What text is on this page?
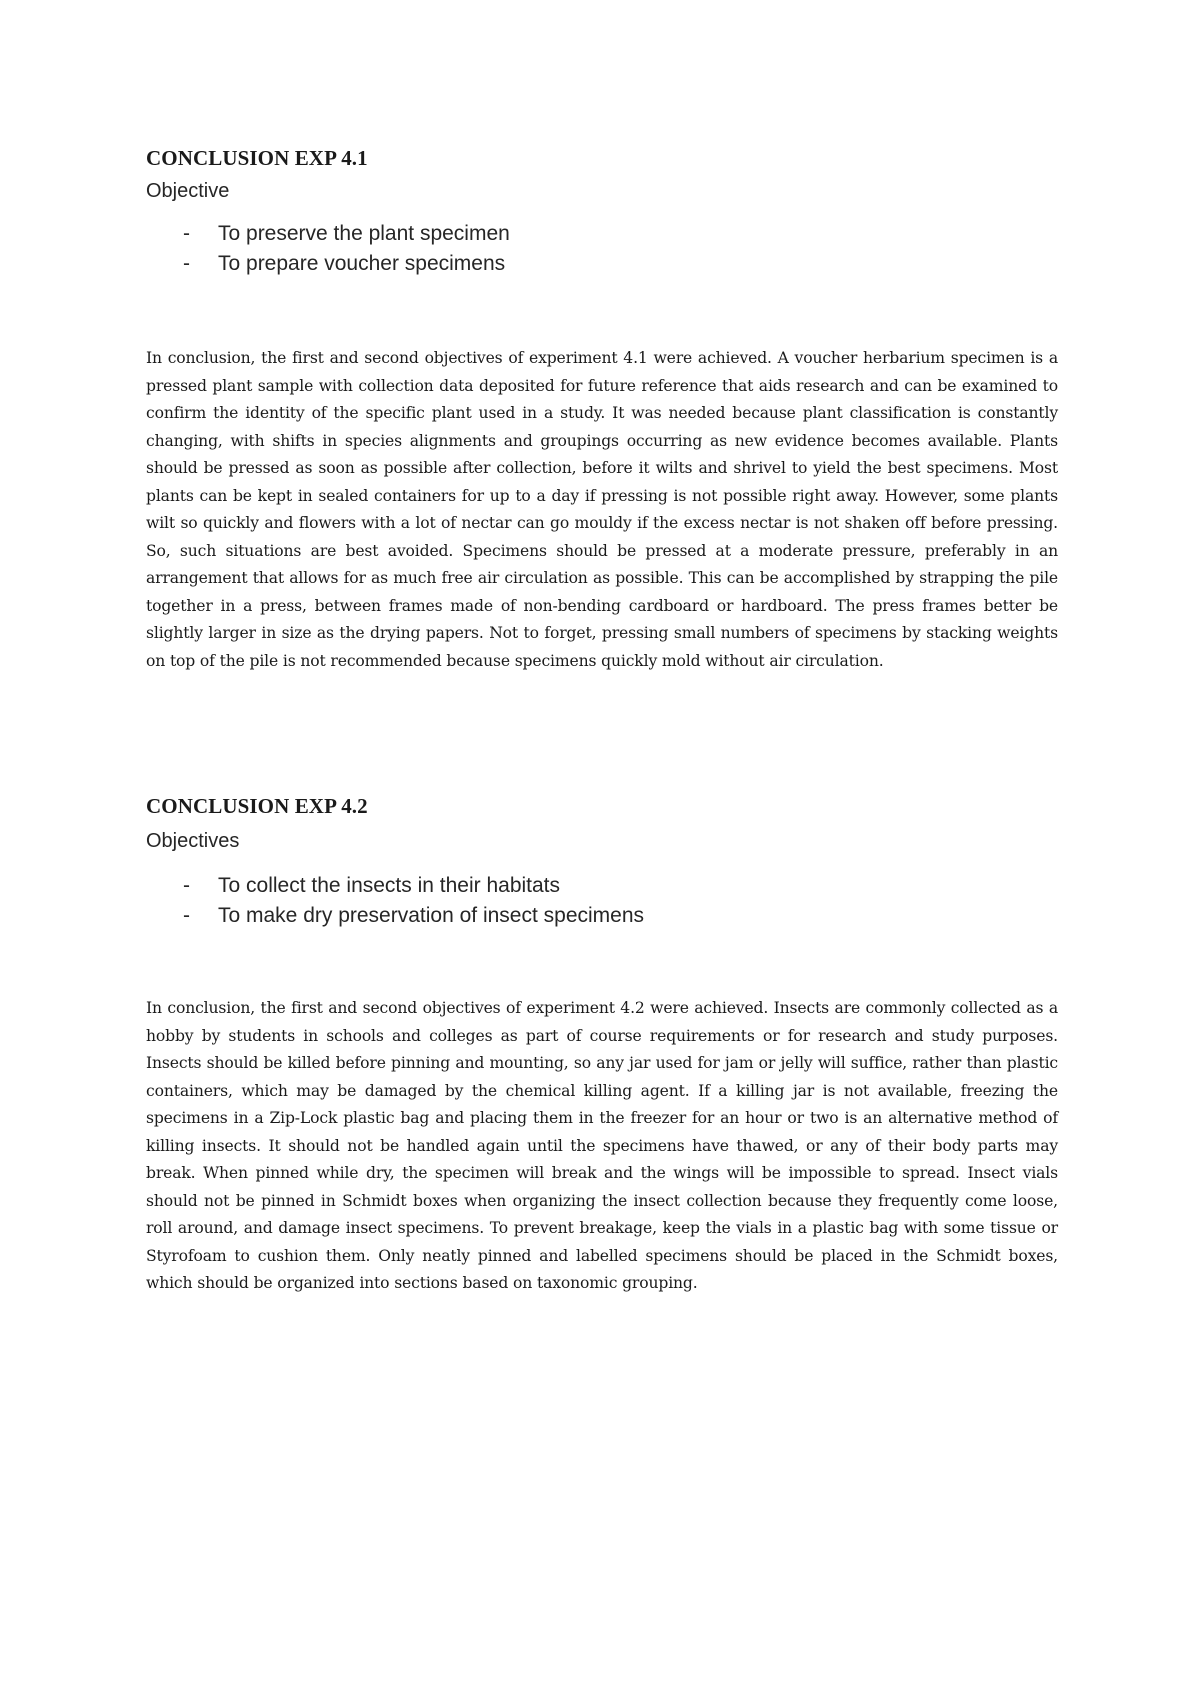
CONCLUSION EXP 4.1
Objective
- To preserve the plant specimen
- To prepare voucher specimens

In conclusion, the first and second objectives of experiment 4.1 were achieved. A voucher herbarium specimen is a pressed plant sample with collection data deposited for future reference that aids research and can be examined to confirm the identity of the specific plant used in a study. It was needed because plant classification is constantly changing, with shifts in species alignments and groupings occurring as new evidence becomes available. Plants should be pressed as soon as possible after collection, before it wilts and shrivel to yield the best specimens. Most plants can be kept in sealed containers for up to a day if pressing is not possible right away. However, some plants wilt so quickly and flowers with a lot of nectar can go mouldy if the excess nectar is not shaken off before pressing. So, such situations are best avoided. Specimens should be pressed at a moderate pressure, preferably in an arrangement that allows for as much free air circulation as possible. This can be accomplished by strapping the pile together in a press, between frames made of non-bending cardboard or hardboard. The press frames better be slightly larger in size as the drying papers. Not to forget, pressing small numbers of specimens by stacking weights on top of the pile is not recommended because specimens quickly mold without air circulation.

CONCLUSION EXP 4.2
Objectives
- To collect the insects in their habitats
- To make dry preservation of insect specimens

In conclusion, the first and second objectives of experiment 4.2 were achieved. Insects are commonly collected as a hobby by students in schools and colleges as part of course requirements or for research and study purposes. Insects should be killed before pinning and mounting, so any jar used for jam or jelly will suffice, rather than plastic containers, which may be damaged by the chemical killing agent. If a killing jar is not available, freezing the specimens in a Zip-Lock plastic bag and placing them in the freezer for an hour or two is an alternative method of killing insects. It should not be handled again until the specimens have thawed, or any of their body parts may break. When pinned while dry, the specimen will break and the wings will be impossible to spread. Insect vials should not be pinned in Schmidt boxes when organizing the insect collection because they frequently come loose, roll around, and damage insect specimens. To prevent breakage, keep the vials in a plastic bag with some tissue or Styrofoam to cushion them. Only neatly pinned and labelled specimens should be placed in the Schmidt boxes, which should be organized into sections based on taxonomic grouping.
